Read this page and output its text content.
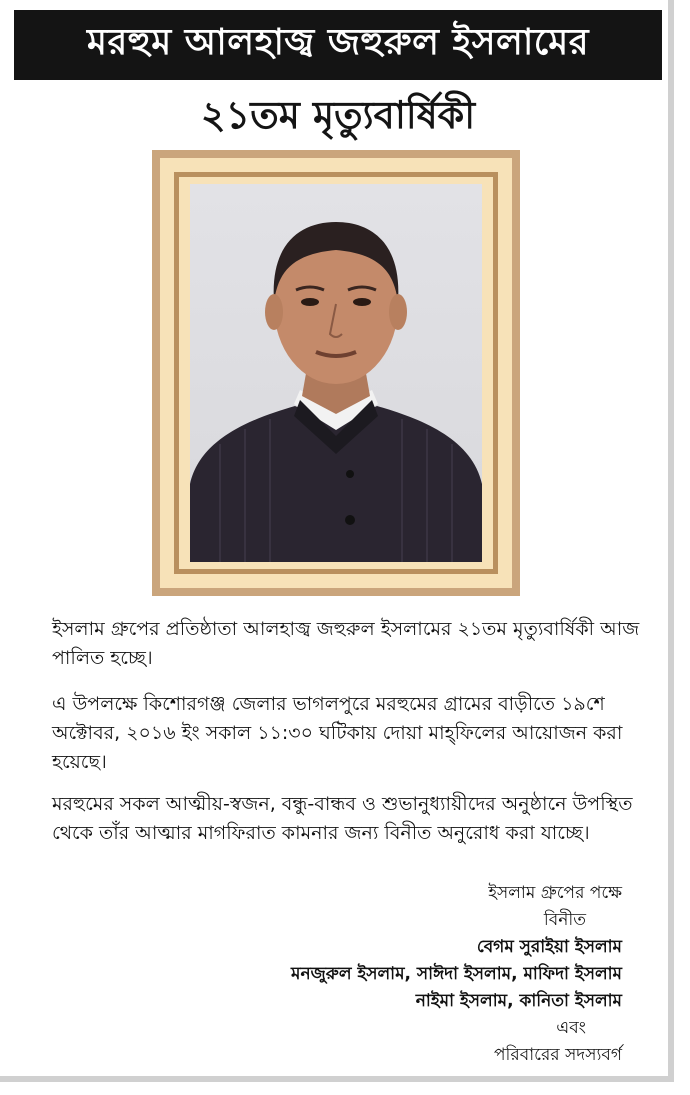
মরহুম আলহাজ্ব জহুরুল ইসলামের
২১তম মৃত্যুবার্ষিকী

ইসলাম গ্রুপের প্রতিষ্ঠাতা আলহাজ্ব জহুরুল ইসলামের ২১তম মৃত্যুবার্ষিকী আজ পালিত হচ্ছে।

এ উপলক্ষে কিশোরগঞ্জ জেলার ভাগলপুরে মরহুমের গ্রামের বাড়ীতে ১৯শে অক্টোবর, ২০১৬ ইং সকাল ১১:৩০ ঘটিকায় দোয়া মাহ্‌ফিলের আয়োজন করা হয়েছে।

মরহুমের সকল আত্মীয়-স্বজন, বন্ধু-বান্ধব ও শুভানুধ্যায়ীদের অনুষ্ঠানে উপস্থিত থেকে তাঁর আত্মার মাগফিরাত কামনার জন্য বিনীত অনুরোধ করা যাচ্ছে।

ইসলাম গ্রুপের পক্ষে
বিনীত
বেগম সুরাইয়া ইসলাম
মনজুরুল ইসলাম, সাঈদা ইসলাম, মাফিদা ইসলাম
নাইমা ইসলাম, কানিতা ইসলাম
এবং
পরিবারের সদস্যবর্গ
